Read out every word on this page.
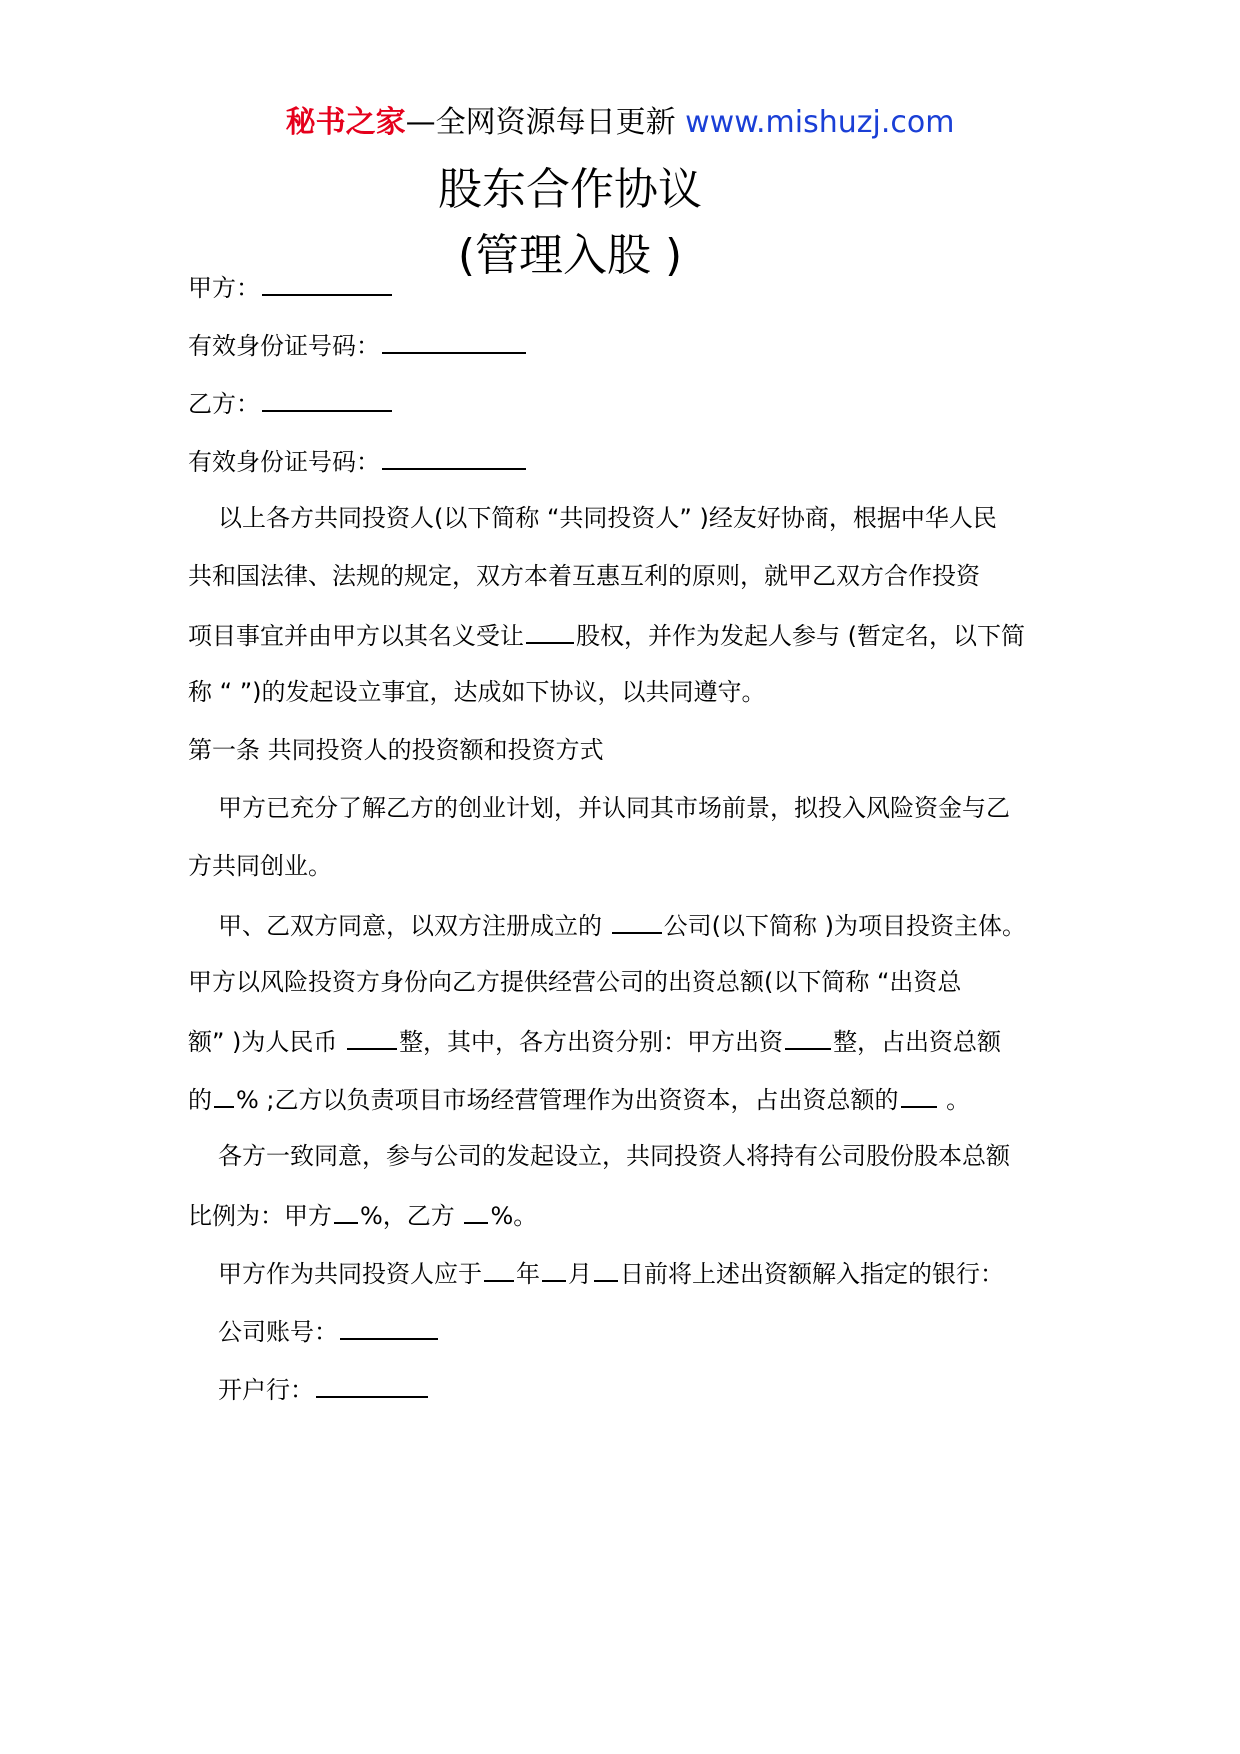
秘书之家—全网资源每日更新 www.mishuzj.com
股东合作协议
(管理入股 )
甲方：
有效身份证号码：
乙方：
有效身份证号码：
以上各方共同投资人(以下简称 “共同投资人” )经友好协商，根据中华人民
共和国法律、法规的规定，双方本着互惠互利的原则，就甲乙双方合作投资
项目事宜并由甲方以其名义受让 股权，并作为发起人参与 (暂定名，以下简
称 “ ”)的发起设立事宜，达成如下协议，以共同遵守。
第一条 共同投资人的投资额和投资方式
甲方已充分了解乙方的创业计划，并认同其市场前景，拟投入风险资金与乙
方共同创业。
甲、乙双方同意，以双方注册成立的 公司(以下简称 )为项目投资主体。
甲方以风险投资方身份向乙方提供经营公司的出资总额(以下简称 “出资总
额” )为人民币 整，其中，各方出资分别：甲方出资 整，占出资总额
的 % ;乙方以负责项目市场经营管理作为出资资本，占出资总额的 。
各方一致同意，参与公司的发起设立，共同投资人将持有公司股份股本总额
比例为：甲方 %，乙方 %。
甲方作为共同投资人应于 年 月 日前将上述出资额解入指定的银行：
公司账号：
开户行：
